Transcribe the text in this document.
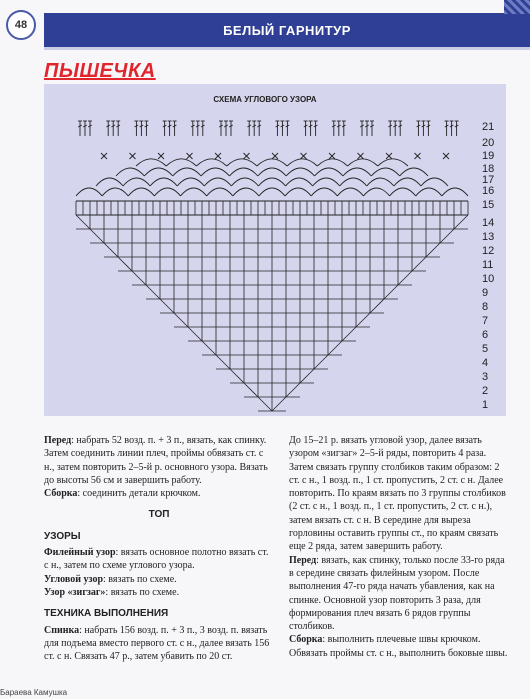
48	БЕЛЫЙ ГАРНИТУР
ПЫШЕЧКА
21
20
19
18
17
16
15
14
13
12
11
10
9
8
7
6
5
4
3
2
1
СХЕМА УГЛОВОГО УЗОРА

Перед: набрать 52 возд. п. + 3 п., вязать, как спинку. Затем соединить линии плеч, проймы обвязать ст. с н., затем повторить 2–5-й р. основного узора. Вязать до высоты 56 см и завершить работу.

Сборка: соединить детали крючком.

ТОП

УЗОРЫ

Филейный узор: вязать основное полотно вязать ст. с н., затем по схеме углового узора.

Угловой узор: вязать по схеме.

Узор «зигзаг»: вязать по схеме.

ТЕХНИКА ВЫПОЛНЕНИЯ

Спинка: набрать 156 возд. п. + 3 п., 3 возд. п. вязать для подъема вместо первого ст. с н., далее вязать 156 ст. с н. Связать 47 р., затем убавить по 20 ст.

До 15–21 р. вязать угловой узор, далее вязать узором «зигзаг» 2–5-й ряды, повторить 4 раза. Затем связать группу столбиков таким образом: 2 ст. с н., 1 возд. п., 1 ст. пропустить, 2 ст. с н. Далее повторить. По краям вязать по 3 группы столбиков (2 ст. с н., 1 возд. п., 1 ст. пропустить, 2 ст. с н.), затем вязать ст. с н. В середине для выреза горловины оставить группы ст., по краям связать еще 2 ряда, затем завершить работу.

Перед: вязать, как спинку, только после 33-го ряда в середине связать филейным узором. После выполнения 47-го ряда начать убавления, как на спинке. Основной узор повторить 3 раза, для формирования плеч вязать 6 рядов группы столбиков.

Сборка: выполнить плечевые швы крючком. Обвязать проймы ст. с н., выполнить боковые швы.

Бараева Камушка
